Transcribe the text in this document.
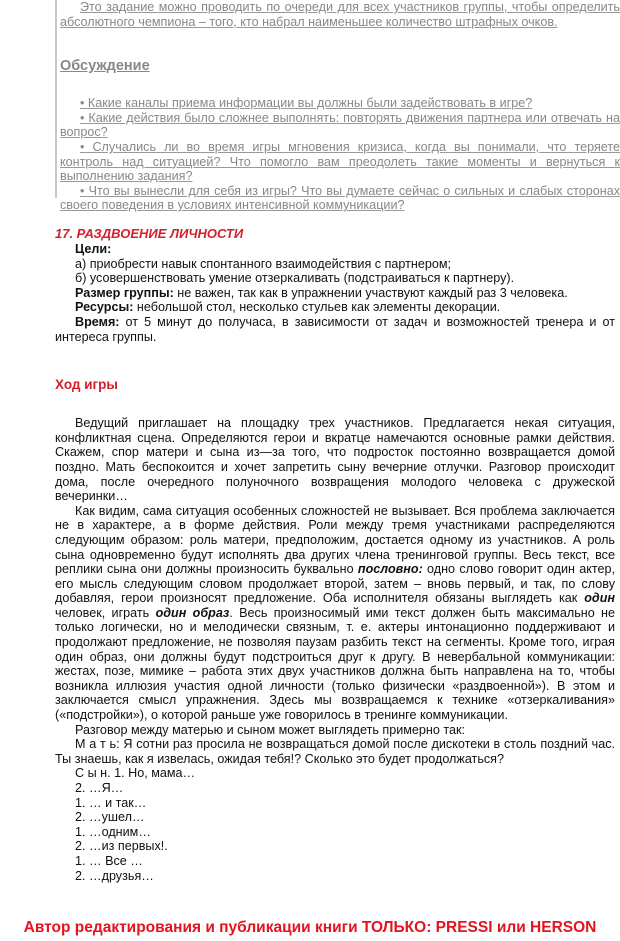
Это задание можно проводить по очереди для всех участников группы, чтобы определить абсолютного чемпиона – того, кто набрал наименьшее количество штрафных очков.

Обсуждение

• Какие каналы приема информации вы должны были задействовать в игре?

• Какие действия было сложнее выполнять: повторять движения партнера или отвечать на вопрос?

• Случались ли во время игры мгновения кризиса, когда вы понимали, что теряете контроль над ситуацией? Что помогло вам преодолеть такие моменты и вернуться к выполнению задания?

• Что вы вынесли для себя из игры? Что вы думаете сейчас о сильных и слабых сторонах своего поведения в условиях интенсивной коммуникации?

17. РАЗДВОЕНИЕ ЛИЧНОСТИ

Цели:

а) приобрести навык спонтанного взаимодействия с партнером;

б) усовершенствовать умение отзеркаливать (подстраиваться к партнеру).

Размер группы: не важен, так как в упражнении участвуют каждый раз 3 человека.

Ресурсы: небольшой стол, несколько стульев как элементы декорации.

Время: от 5 минут до получаса, в зависимости от задач и возможностей тренера и от интереса группы.

Ход игры

Ведущий приглашает на площадку трех участников. Предлагается некая ситуация, конфликтная сцена. Определяются герои и вкратце намечаются основные рамки действия. Скажем, спор матери и сына из—за того, что подросток постоянно возвращается домой поздно. Мать беспокоится и хочет запретить сыну вечерние отлучки. Разговор происходит дома, после очередного полуночного возвращения молодого человека с дружеской вечеринки…

Как видим, сама ситуация особенных сложностей не вызывает. Вся проблема заключается не в характере, а в форме действия. Роли между тремя участниками распределяются следующим образом: роль матери, предположим, достается одному из участников. А роль сына одновременно будут исполнять два других члена тренинговой группы. Весь текст, все реплики сына они должны произносить буквально пословно: одно слово говорит один актер, его мысль следующим словом продолжает второй, затем – вновь первый, и так, по слову добавляя, герои произносят предложение. Оба исполнителя обязаны выглядеть как один человек, играть один образ. Весь произносимый ими текст должен быть максимально не только логически, но и мелодически связным, т. е. актеры интонационно поддерживают и продолжают предложение, не позволяя паузам разбить текст на сегменты. Кроме того, играя один образ, они должны будут подстроиться друг к другу. В невербальной коммуникации: жестах, позе, мимике – работа этих двух участников должна быть направлена на то, чтобы возникла иллюзия участия одной личности (только физически «раздвоенной»). В этом и заключается смысл упражнения. Здесь мы возвращаемся к технике «отзеркаливания» («подстройки»), о которой раньше уже говорилось в тренинге коммуникации.

Разговор между матерью и сыном может выглядеть примерно так:

М а т ь: Я сотни раз просила не возвращаться домой после дискотеки в столь поздний час. Ты знаешь, как я извелась, ожидая тебя!? Сколько это будет продолжаться?

С ы н. 1. Но, мама…

2. …Я…

1. … и так…

2. …ушел…

1. …одним…

2. …из первых!.

1. … Все …

2. …друзья…

Автор редактирования и публикации книги ТОЛЬКО: PRESSI или HERSON
